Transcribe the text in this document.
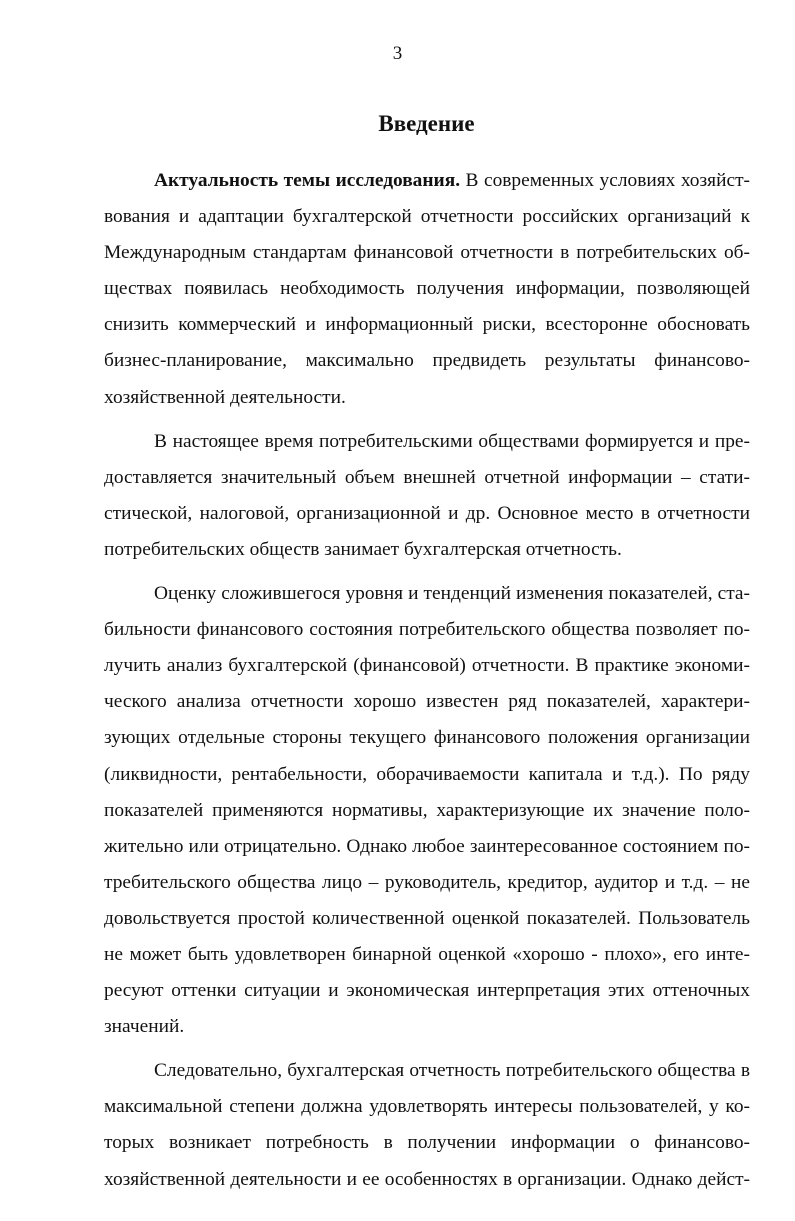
3
Введение
Актуальность темы исследования. В современных условиях хозяйст-
вования и адаптации бухгалтерской отчетности российских организаций к
Международным стандартам финансовой отчетности в потребительских об-
ществах появилась необходимость получения информации, позволяющей
снизить коммерческий и информационный риски, всесторонне обосновать
бизнес-планирование, максимально предвидеть результаты финансово-
хозяйственной деятельности.
В настоящее время потребительскими обществами формируется и пре-
доставляется значительный объем внешней отчетной информации – стати-
стической, налоговой, организационной и др. Основное место в отчетности
потребительских обществ занимает бухгалтерская отчетность.
Оценку сложившегося уровня и тенденций изменения показателей, ста-
бильности финансового состояния потребительского общества позволяет по-
лучить анализ бухгалтерской (финансовой) отчетности. В практике экономи-
ческого анализа отчетности хорошо известен ряд показателей, характери-
зующих отдельные стороны текущего финансового положения организации
(ликвидности, рентабельности, оборачиваемости капитала и т.д.). По ряду
показателей применяются нормативы, характеризующие их значение поло-
жительно или отрицательно. Однако любое заинтересованное состоянием по-
требительского общества лицо – руководитель, кредитор, аудитор и т.д. – не
довольствуется простой количественной оценкой показателей. Пользователь
не может быть удовлетворен бинарной оценкой «хорошо - плохо», его инте-
ресуют оттенки ситуации и экономическая интерпретация этих оттеночных
значений.
Следовательно, бухгалтерская отчетность потребительского общества в
максимальной степени должна удовлетворять интересы пользователей, у ко-
торых возникает потребность в получении информации о финансово-
хозяйственной деятельности и ее особенностях в организации. Однако дейст-
